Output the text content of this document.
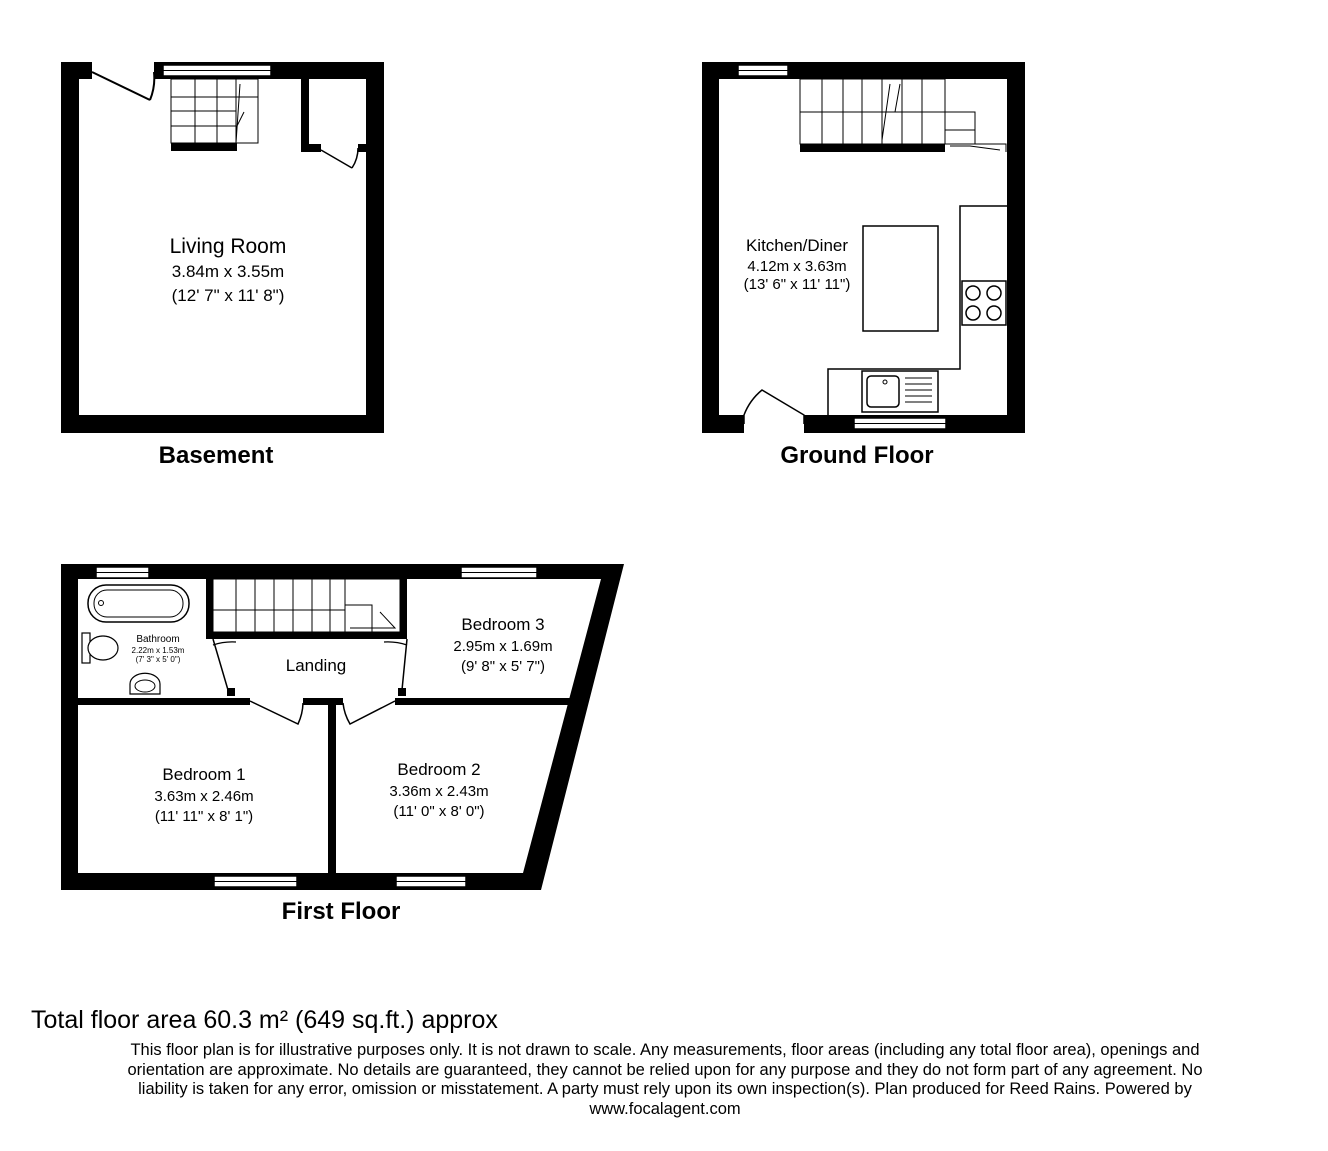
Living Room
3.84m x 3.55m
(12' 7" x 11' 8")
Basement
Kitchen/Diner
4.12m x 3.63m
(13' 6" x 11' 11")
Ground Floor
Bathroom
2.22m x 1.53m
(7' 3" x 5' 0")	Landing
Bedroom 3
2.95m x 1.69m
(9' 8" x 5' 7")
Bedroom 1
3.63m x 2.46m
(11' 11" x 8' 1")
Bedroom 2
3.36m x 2.43m
(11' 0" x 8' 0")
First Floor

Total floor area 60.3 m² (649 sq.ft.) approx

This floor plan is for illustrative purposes only. It is not drawn to scale. Any measurements, floor areas (including any total floor area), openings and
orientation are approximate. No details are guaranteed, they cannot be relied upon for any purpose and they do not form part of any agreement. No
liability is taken for any error, omission or misstatement. A party must rely upon its own inspection(s). Plan produced for Reed Rains. Powered by
www.focalagent.com
